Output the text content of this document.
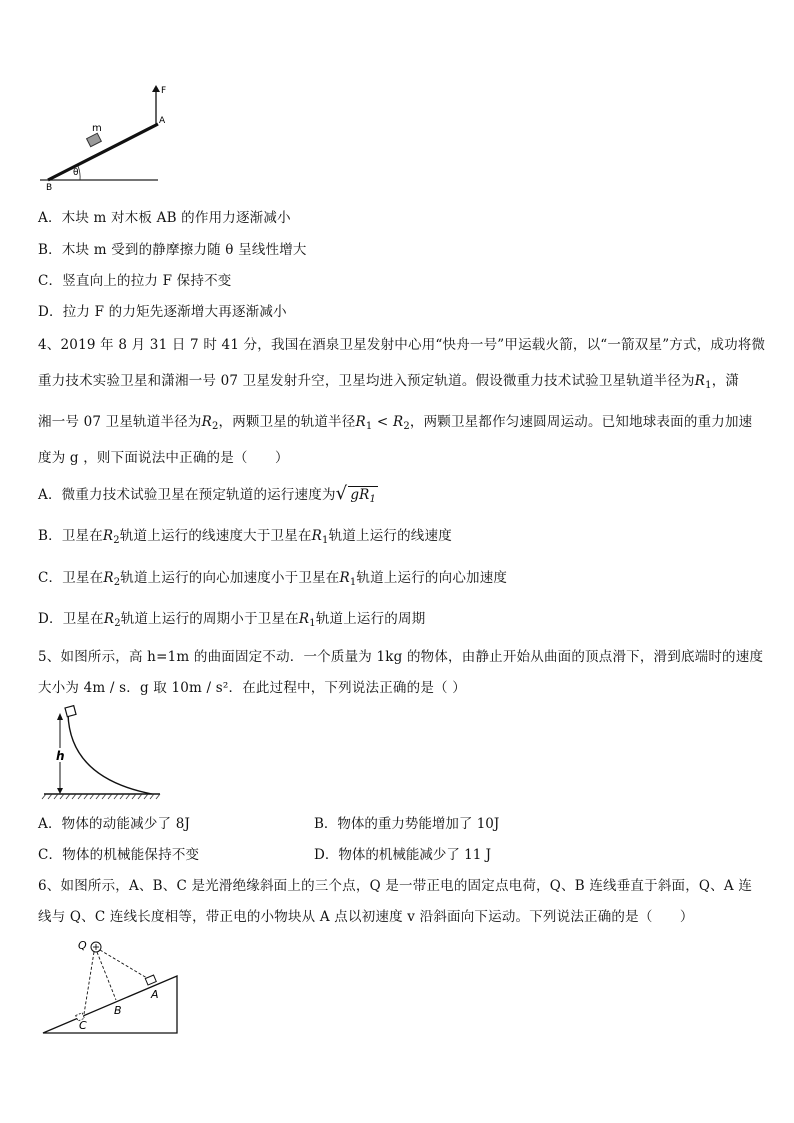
F
A
m
B
θ
A．木块 m 对木板 AB 的作用力逐渐减小
B．木块 m 受到的静摩擦力随 θ 呈线性增大
C．竖直向上的拉力 F 保持不变
D．拉力 F 的力矩先逐渐增大再逐渐减小
4、2019 年 8 月 31 日 7 时 41 分，我国在酒泉卫星发射中心用“快舟一号”甲运载火箭，以“一箭双星”方式，成功将微
重力技术实验卫星和潇湘一号 07 卫星发射升空，卫星均进入预定轨道。假设微重力技术试验卫星轨道半径为$R_1$，潇
湘一号 07 卫星轨道半径为$R_2$，两颗卫星的轨道半径$R_1 < R_2$，两颗卫星都作匀速圆周运动。已知地球表面的重力加速
度为 g ，则下面说法中正确的是（　　）
A．微重力技术试验卫星在预定轨道的运行速度为√ $gR_1$
B．卫星在$R_2$轨道上运行的线速度大于卫星在$R_1$轨道上运行的线速度
C．卫星在$R_2$轨道上运行的向心加速度小于卫星在$R_1$轨道上运行的向心加速度
D．卫星在$R_2$轨道上运行的周期小于卫星在$R_1$轨道上运行的周期
5、如图所示，高 h=1m 的曲面固定不动．一个质量为 1kg 的物体，由静止开始从曲面的顶点滑下，滑到底端时的速度
大小为 4m / s．g 取 10m / s²．在此过程中，下列说法正确的是（ ）
h
A．物体的动能减少了 8J	B．物体的重力势能增加了 10J
C．物体的机械能保持不变	D．物体的机械能减少了 11 J
6、如图所示，A、B、C 是光滑绝缘斜面上的三个点，Q 是一带正电的固定点电荷，Q、B 连线垂直于斜面，Q、A 连
线与 Q、C 连线长度相等，带正电的小物块从 A 点以初速度 v 沿斜面向下运动。下列说法正确的是（　　）
Q
A
B
C
